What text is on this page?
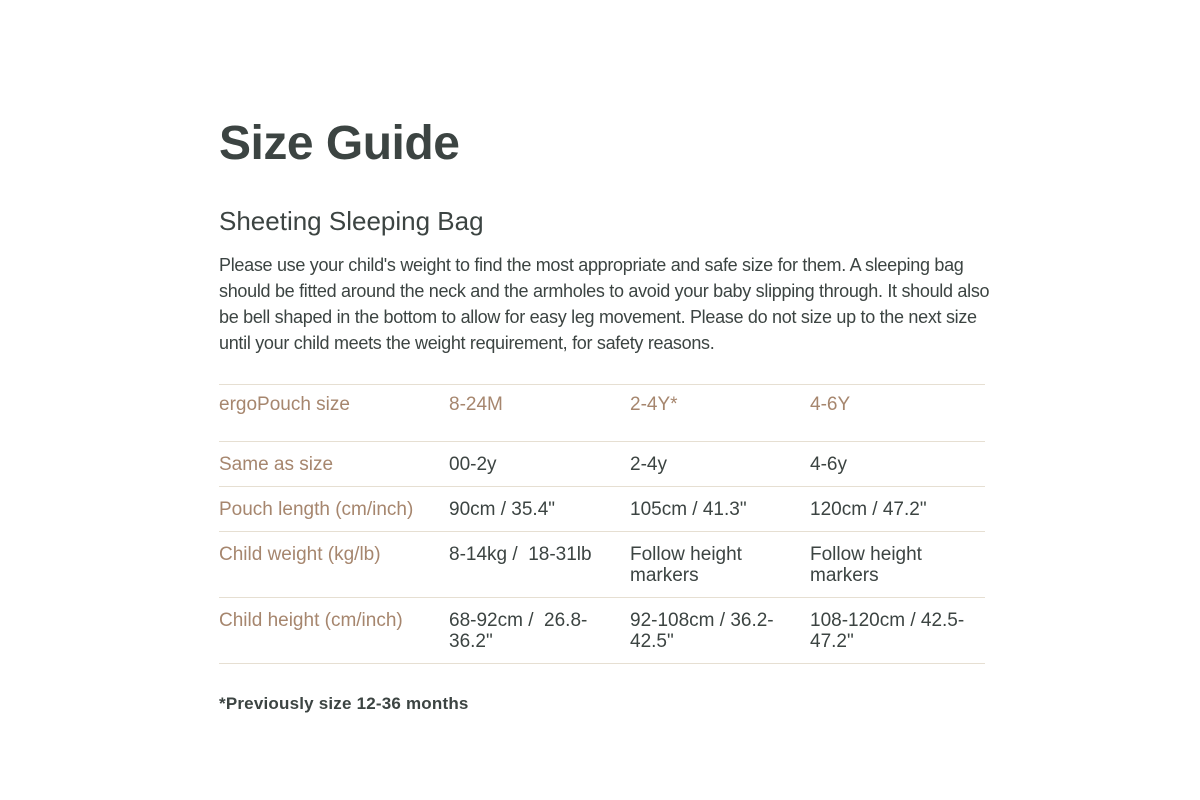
Size Guide
Sheeting Sleeping Bag

Please use your child's weight to find the most appropriate and safe size for them. A sleeping bag should be fitted around the neck and the armholes to avoid your baby slipping through. It should also be bell shaped in the bottom to allow for easy leg movement. Please do not size up to the next size until your child meets the weight requirement, for safety reasons.

ergoPouch size	8-24M	2-4Y*	4-6Y
Same as size	00-2y	2-4y	4-6y
Pouch length (cm/inch)	90cm / 35.4"	105cm / 41.3"	120cm / 47.2"
Child weight (kg/lb)	8-14kg /  18-31lb	Follow height markers	Follow height markers
Child height (cm/inch)	68-92cm /  26.8-36.2"	92-108cm / 36.2-42.5"	108-120cm / 42.5-47.2"

*Previously size 12-36 months
